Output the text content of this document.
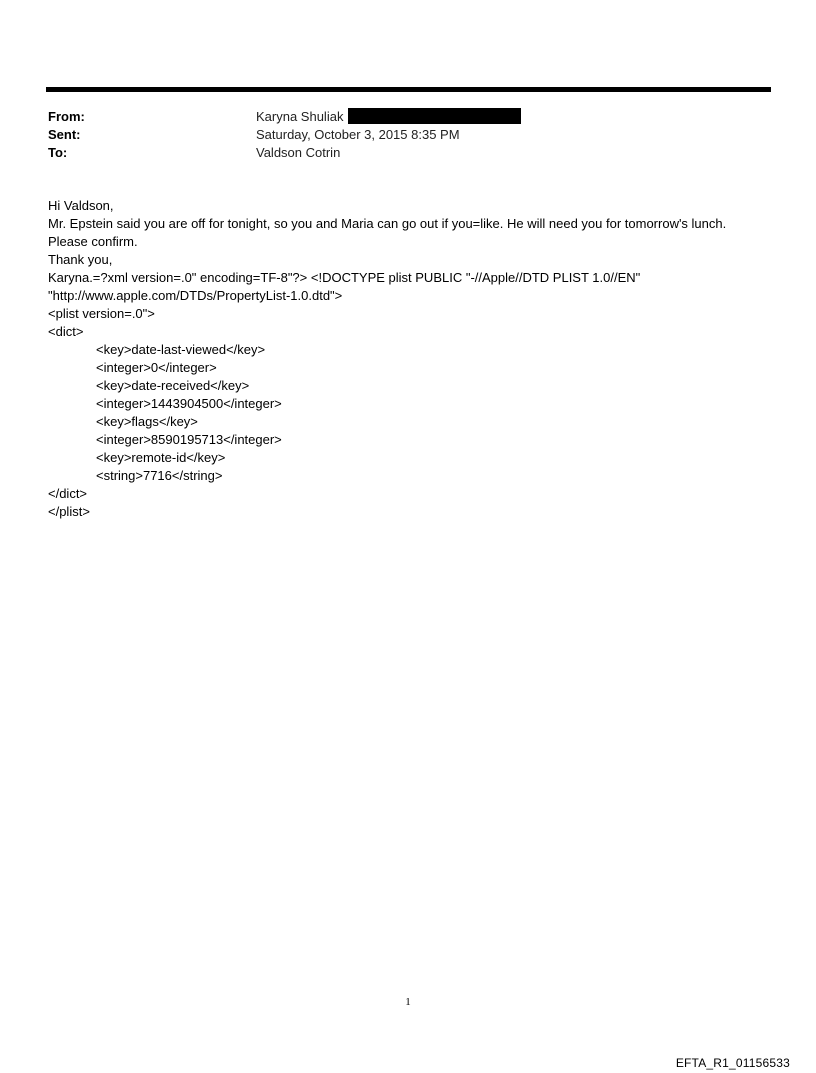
From:	Karyna Shuliak
Sent:	Saturday, October 3, 2015 8:35 PM
To:	Valdson Cotrin
Hi Valdson,
Mr. Epstein said you are off for tonight, so you and Maria can go out if you=like. He will need you for tomorrow's lunch.
Please confirm.
Thank you,
Karyna.=?xml version=.0" encoding=TF-8"?> <!DOCTYPE plist PUBLIC "-//Apple//DTD PLIST 1.0//EN"
"http://www.apple.com/DTDs/PropertyList-1.0.dtd">
<plist version=.0">
<dict>
<key>date-last-viewed</key>
<integer>0</integer>
<key>date-received</key>
<integer>1443904500</integer>
<key>flags</key>
<integer>8590195713</integer>
<key>remote-id</key>
<string>7716</string>
</dict>
</plist>
1
EFTA_R1_01156533
